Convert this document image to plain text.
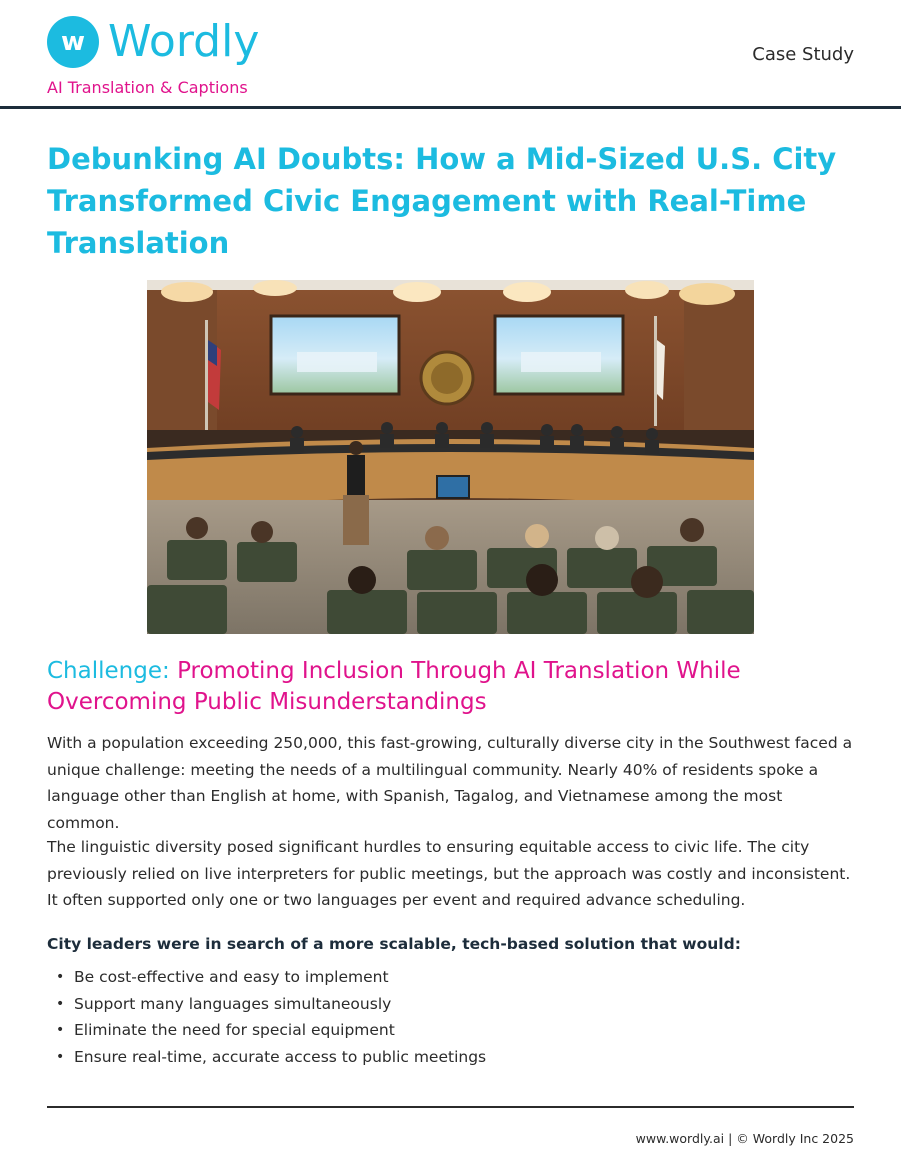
w Wordly
AI Translation & Captions
Case Study
Debunking AI Doubts: How a Mid-Sized U.S. City Transformed Civic Engagement with Real-Time Translation
Challenge: Promoting Inclusion Through AI Translation While Overcoming Public Misunderstandings

With a population exceeding 250,000, this fast-growing, culturally diverse city in the Southwest faced a unique challenge: meeting the needs of a multilingual community. Nearly 40% of residents spoke a language other than English at home, with Spanish, Tagalog, and Vietnamese among the most common.

The linguistic diversity posed significant hurdles to ensuring equitable access to civic life. The city previously relied on live interpreters for public meetings, but the approach was costly and inconsistent. It often supported only one or two languages per event and required advance scheduling.

City leaders were in search of a more scalable, tech-based solution that would:

• Be cost-effective and easy to implement
• Support many languages simultaneously
• Eliminate the need for special equipment
• Ensure real-time, accurate access to public meetings
www.wordly.ai | © Wordly Inc 2025
